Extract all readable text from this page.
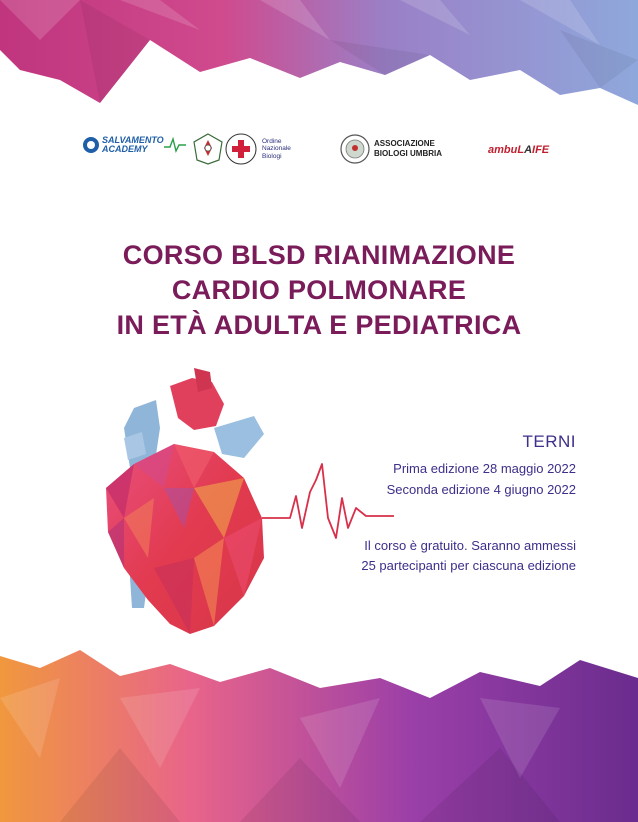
SALVAMENTO
ACADEMY
Ordine
Nazionale
Biologi
ASSOCIAZIONE
BIOLOGI UMBRIA	ambuL A IFE
CORSO BLSD RIANIMAZIONE
CARDIO POLMONARE
IN ETÀ ADULTA E PEDIATRICA
TERNI
Prima edizione 28 maggio 2022
Seconda edizione 4 giugno 2022
Il corso è gratuito. Saranno ammessi
25 partecipanti per ciascuna edizione
